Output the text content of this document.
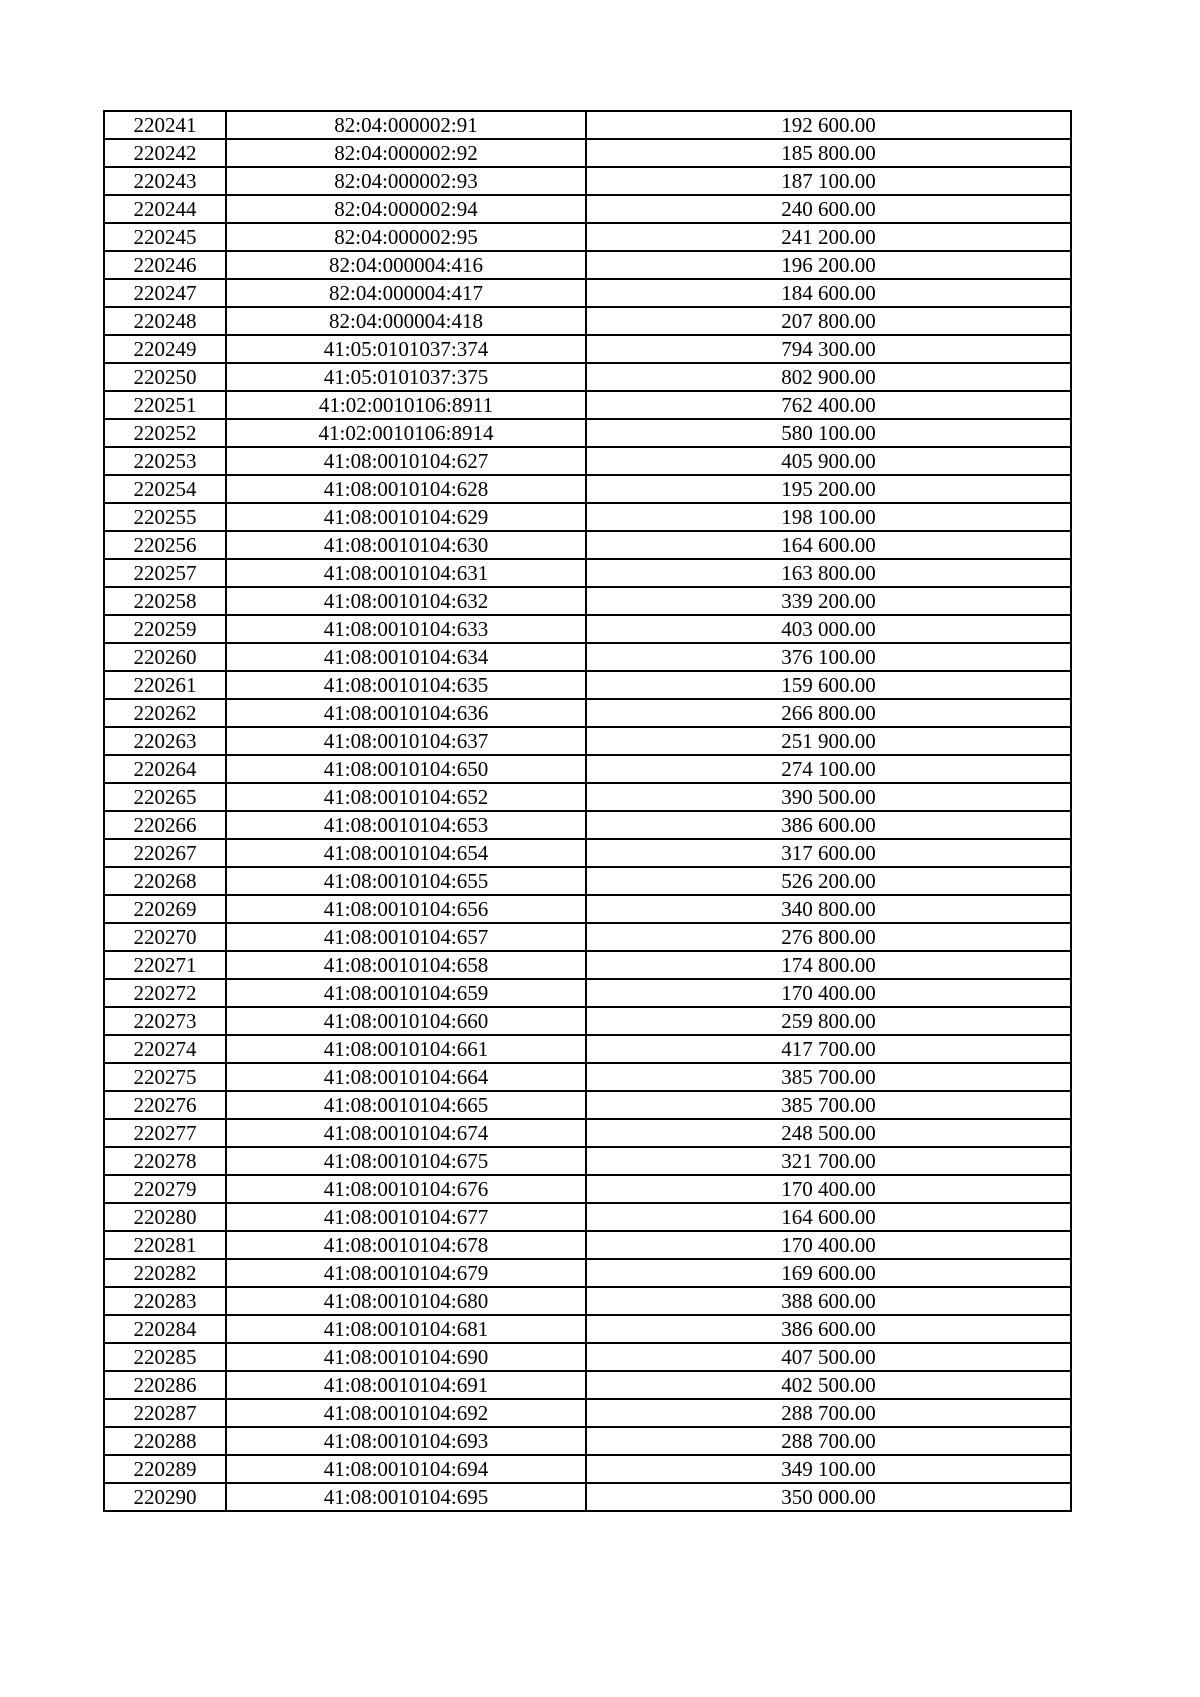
220241	82:04:000002:91	192 600.00
220242	82:04:000002:92	185 800.00
220243	82:04:000002:93	187 100.00
220244	82:04:000002:94	240 600.00
220245	82:04:000002:95	241 200.00
220246	82:04:000004:416	196 200.00
220247	82:04:000004:417	184 600.00
220248	82:04:000004:418	207 800.00
220249	41:05:0101037:374	794 300.00
220250	41:05:0101037:375	802 900.00
220251	41:02:0010106:8911	762 400.00
220252	41:02:0010106:8914	580 100.00
220253	41:08:0010104:627	405 900.00
220254	41:08:0010104:628	195 200.00
220255	41:08:0010104:629	198 100.00
220256	41:08:0010104:630	164 600.00
220257	41:08:0010104:631	163 800.00
220258	41:08:0010104:632	339 200.00
220259	41:08:0010104:633	403 000.00
220260	41:08:0010104:634	376 100.00
220261	41:08:0010104:635	159 600.00
220262	41:08:0010104:636	266 800.00
220263	41:08:0010104:637	251 900.00
220264	41:08:0010104:650	274 100.00
220265	41:08:0010104:652	390 500.00
220266	41:08:0010104:653	386 600.00
220267	41:08:0010104:654	317 600.00
220268	41:08:0010104:655	526 200.00
220269	41:08:0010104:656	340 800.00
220270	41:08:0010104:657	276 800.00
220271	41:08:0010104:658	174 800.00
220272	41:08:0010104:659	170 400.00
220273	41:08:0010104:660	259 800.00
220274	41:08:0010104:661	417 700.00
220275	41:08:0010104:664	385 700.00
220276	41:08:0010104:665	385 700.00
220277	41:08:0010104:674	248 500.00
220278	41:08:0010104:675	321 700.00
220279	41:08:0010104:676	170 400.00
220280	41:08:0010104:677	164 600.00
220281	41:08:0010104:678	170 400.00
220282	41:08:0010104:679	169 600.00
220283	41:08:0010104:680	388 600.00
220284	41:08:0010104:681	386 600.00
220285	41:08:0010104:690	407 500.00
220286	41:08:0010104:691	402 500.00
220287	41:08:0010104:692	288 700.00
220288	41:08:0010104:693	288 700.00
220289	41:08:0010104:694	349 100.00
220290	41:08:0010104:695	350 000.00
